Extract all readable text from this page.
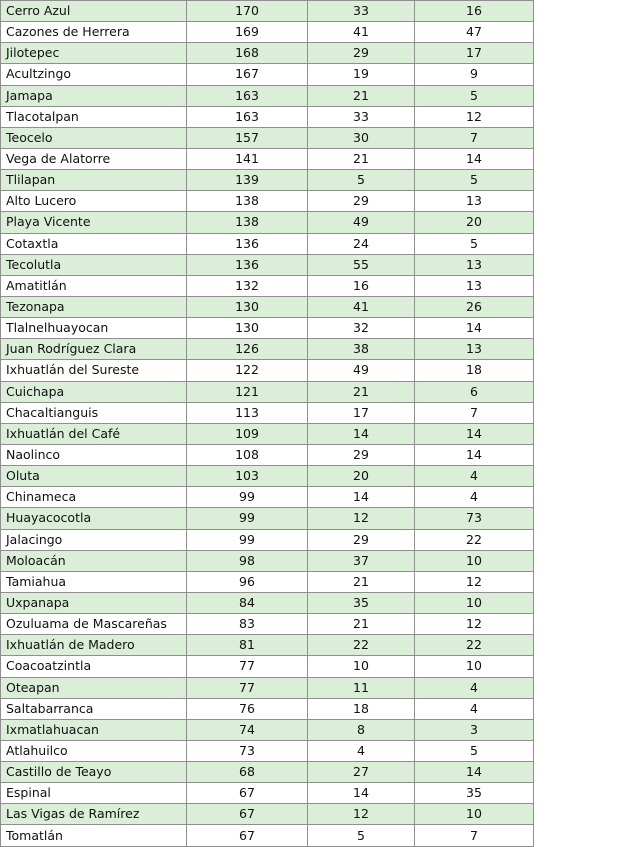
Cerro Azul	170	33	16
Cazones de Herrera	169	41	47
Jilotepec	168	29	17
Acultzingo	167	19	9
Jamapa	163	21	5
Tlacotalpan	163	33	12
Teocelo	157	30	7
Vega de Alatorre	141	21	14
Tlilapan	139	5	5
Alto Lucero	138	29	13
Playa Vicente	138	49	20
Cotaxtla	136	24	5
Tecolutla	136	55	13
Amatitlán	132	16	13
Tezonapa	130	41	26
Tlalnelhuayocan	130	32	14
Juan Rodríguez Clara	126	38	13
Ixhuatlán del Sureste	122	49	18
Cuichapa	121	21	6
Chacaltianguis	113	17	7
Ixhuatlán del Café	109	14	14
Naolinco	108	29	14
Oluta	103	20	4
Chinameca	99	14	4
Huayacocotla	99	12	73
Jalacingo	99	29	22
Moloacán	98	37	10
Tamiahua	96	21	12
Uxpanapa	84	35	10
Ozuluama de Mascareñas	83	21	12
Ixhuatlán de Madero	81	22	22
Coacoatzintla	77	10	10
Oteapan	77	11	4
Saltabarranca	76	18	4
Ixmatlahuacan	74	8	3
Atlahuilco	73	4	5
Castillo de Teayo	68	27	14
Espinal	67	14	35
Las Vigas de Ramírez	67	12	10
Tomatlán	67	5	7
